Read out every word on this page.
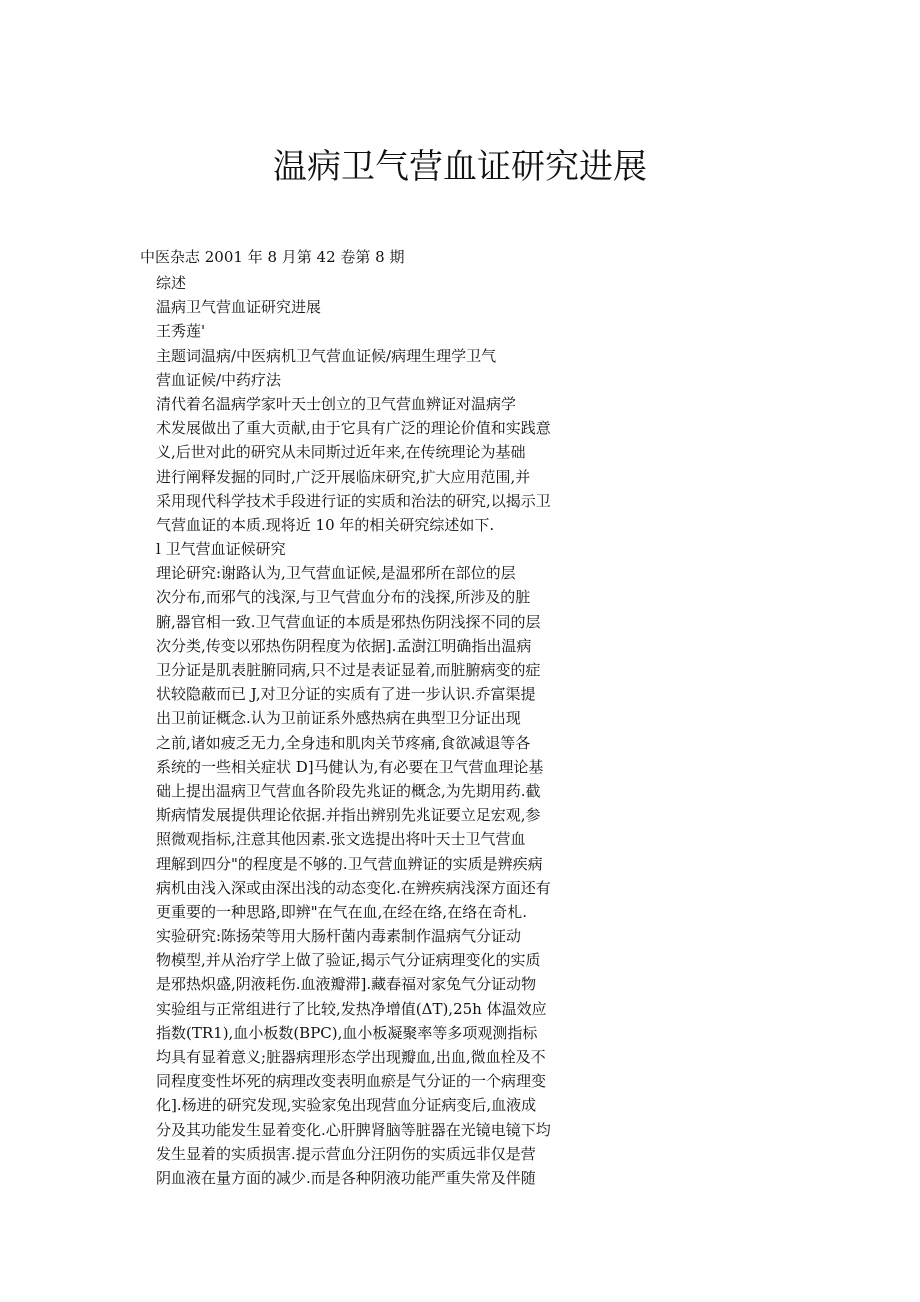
温病卫气营血证研究进展
中医杂志 2001 年 8 月第 42 卷第 8 期
综述
温病卫气营血证研究进展
王秀莲'
主题词温病/中医病机卫气营血证候/病理生理学卫气
营血证候/中药疗法
清代着名温病学家叶天士创立的卫气营血辨证对温病学
术发展做出了重大贡献,由于它具有广泛的理论价值和实践意
义,后世对此的研究从未同斯过近年来,在传统理论为基础
进行阐释发掘的同时,广泛开展临床研究,扩大应用范围,并
采用现代科学技术手段进行证的实质和治法的研究,以揭示卫
气营血证的本质.现将近 10 年的相关研究综述如下.
l 卫气营血证候研究
理论研究:谢路认为,卫气营血证候,是温邪所在部位的层
次分布,而邪气的浅深,与卫气营血分布的浅探,所涉及的脏
腑,器官相一致.卫气营血证的本质是邪热伤阴浅探不同的层
次分类,传变以邪热伤阴程度为依据].孟澍江明确指出温病
卫分证是肌表脏腑同病,只不过是表证显着,而脏腑病变的症
状较隐蔽而已 J,对卫分证的实质有了进一步认识.乔富渠提
出卫前证概念.认为卫前证系外感热病在典型卫分证出现
之前,诸如疲乏无力,全身违和肌肉关节疼痛,食欲减退等各
系统的一些相关症状 D]马健认为,有必要在卫气营血理论基
础上提出温病卫气营血各阶段先兆证的概念,为先期用药.截
斯病情发展提供理论依据.并指出辨别先兆证要立足宏观,参
照微观指标,注意其他因素.张文选提出将叶天士卫气营血
理解到四分"的程度是不够的.卫气营血辨证的实质是辨疾病
病机由浅入深或由深出浅的动态变化.在辨疾病浅深方面还有
更重要的一种思路,即辨"在气在血,在经在络,在络在奇札.
实验研究:陈扬荣等用大肠杆菌内毒素制作温病气分证动
物模型,并从治疗学上做了验证,揭示气分证病理变化的实质
是邪热炽盛,阴液耗伤.血液瓣滞].藏春福对家兔气分证动物
实验组与正常组进行了比较,发热净增值(ΔT),25h 体温效应
指数(TR1),血小板数(BPC),血小板凝聚率等多项观测指标
均具有显着意义;脏器病理形态学出现瓣血,出血,微血栓及不
同程度变性坏死的病理改变表明血瘀是气分证的一个病理变
化].杨进的研究发现,实验家兔出现营血分证病变后,血液成
分及其功能发生显着变化.心肝脾肾脑等脏器在光镜电镜下均
发生显着的实质损害.提示营血分汪阴伤的实质远非仅是营
阴血液在量方面的减少.而是各种阴液功能严重失常及伴随
